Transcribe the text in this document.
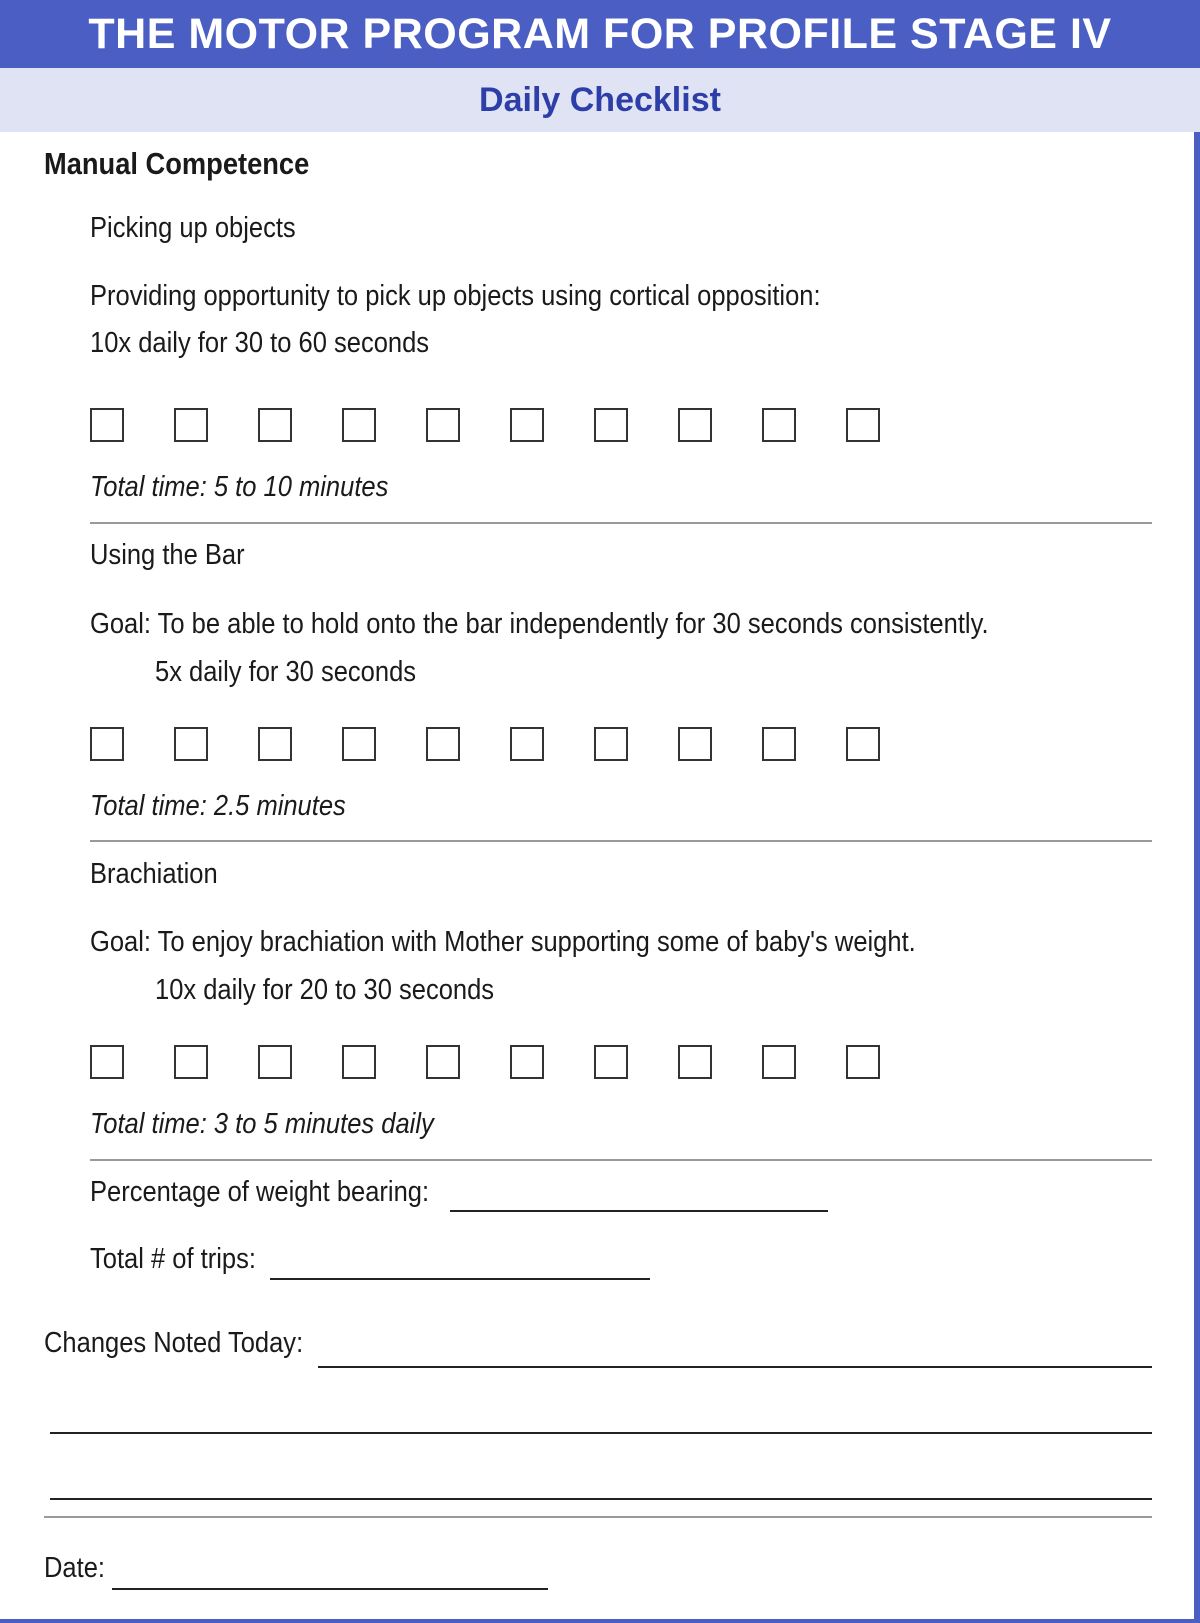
THE MOTOR PROGRAM FOR PROFILE STAGE IV
Daily Checklist
Manual Competence
Picking up objects
Providing opportunity to pick up objects using cortical opposition:
10x daily for 30 to 60 seconds
Total time: 5 to 10 minutes
Using the Bar
Goal: To be able to hold onto the bar independently for 30 seconds consistently.
5x daily for 30 seconds
Total time: 2.5 minutes
Brachiation
Goal: To enjoy brachiation with Mother supporting some of baby's weight.
10x daily for 20 to 30 seconds
Total time: 3 to 5 minutes daily
Percentage of weight bearing:
Total # of trips:
Changes Noted Today:
Date:
